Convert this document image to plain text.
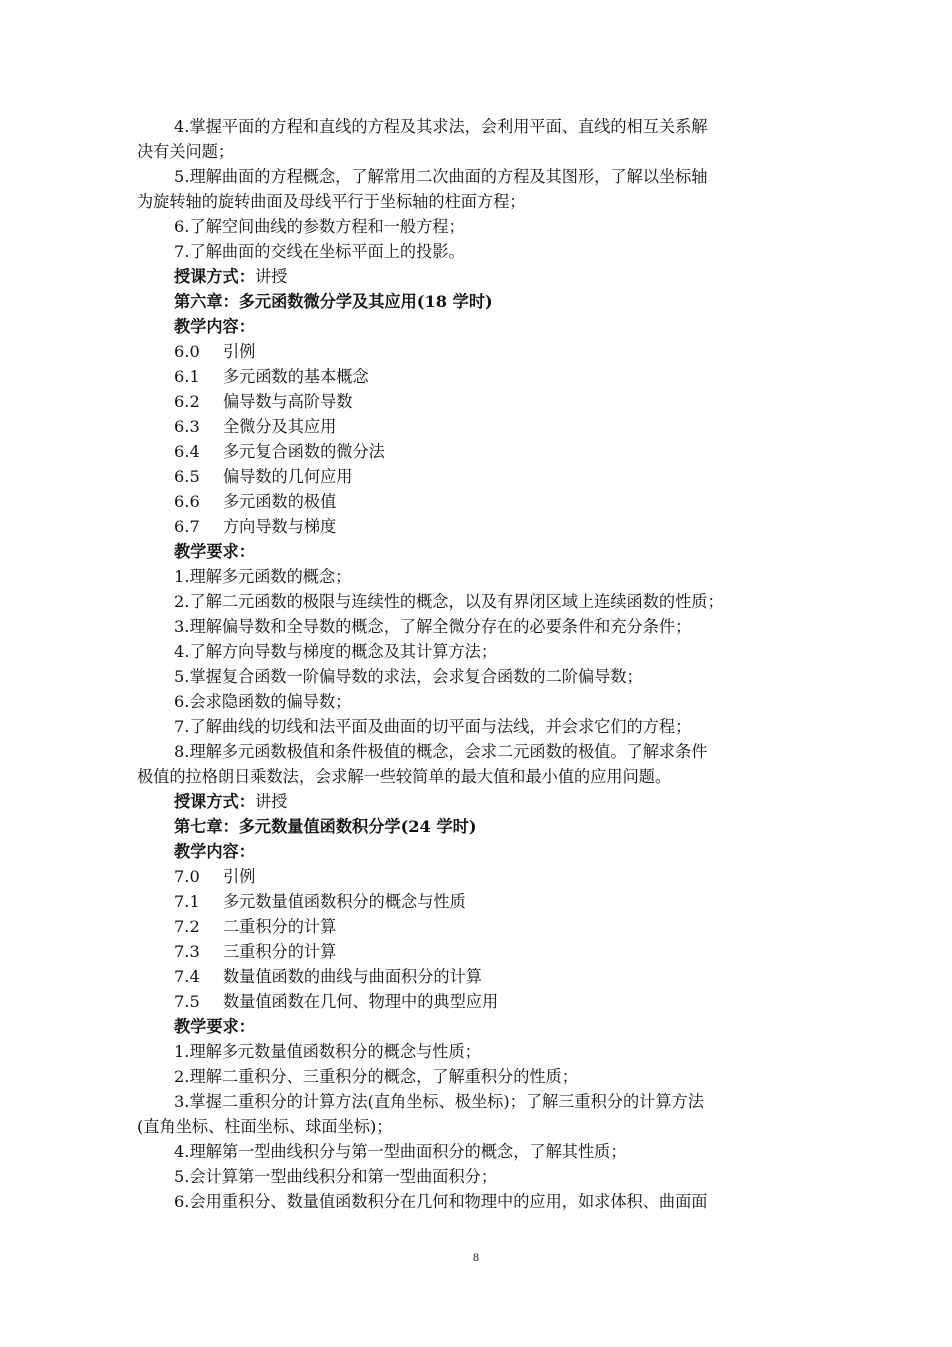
4.掌握平面的方程和直线的方程及其求法，会利用平面、直线的相互关系解
决有关问题；
5.理解曲面的方程概念，了解常用二次曲面的方程及其图形，了解以坐标轴
为旋转轴的旋转曲面及母线平行于坐标轴的柱面方程；
6.了解空间曲线的参数方程和一般方程；
7.了解曲面的交线在坐标平面上的投影。
授课方式：讲授
第六章：多元函数微分学及其应用(18 学时)
教学内容：
6.0 引例
6.1 多元函数的基本概念
6.2 偏导数与高阶导数
6.3 全微分及其应用
6.4 多元复合函数的微分法
6.5 偏导数的几何应用
6.6 多元函数的极值
6.7 方向导数与梯度
教学要求：
1.理解多元函数的概念；
2.了解二元函数的极限与连续性的概念，以及有界闭区域上连续函数的性质；
3.理解偏导数和全导数的概念，了解全微分存在的必要条件和充分条件；
4.了解方向导数与梯度的概念及其计算方法；
5.掌握复合函数一阶偏导数的求法，会求复合函数的二阶偏导数；
6.会求隐函数的偏导数；
7.了解曲线的切线和法平面及曲面的切平面与法线，并会求它们的方程；
8.理解多元函数极值和条件极值的概念，会求二元函数的极值。了解求条件
极值的拉格朗日乘数法，会求解一些较简单的最大值和最小值的应用问题。
授课方式：讲授
第七章：多元数量值函数积分学(24 学时)
教学内容：
7.0 引例
7.1 多元数量值函数积分的概念与性质
7.2 二重积分的计算
7.3 三重积分的计算
7.4 数量值函数的曲线与曲面积分的计算
7.5 数量值函数在几何、物理中的典型应用
教学要求：
1.理解多元数量值函数积分的概念与性质；
2.理解二重积分、三重积分的概念，了解重积分的性质；
3.掌握二重积分的计算方法(直角坐标、极坐标)；了解三重积分的计算方法
(直角坐标、柱面坐标、球面坐标)；
4.理解第一型曲线积分与第一型曲面积分的概念，了解其性质；
5.会计算第一型曲线积分和第一型曲面积分；
6.会用重积分、数量值函数积分在几何和物理中的应用，如求体积、曲面面
8
